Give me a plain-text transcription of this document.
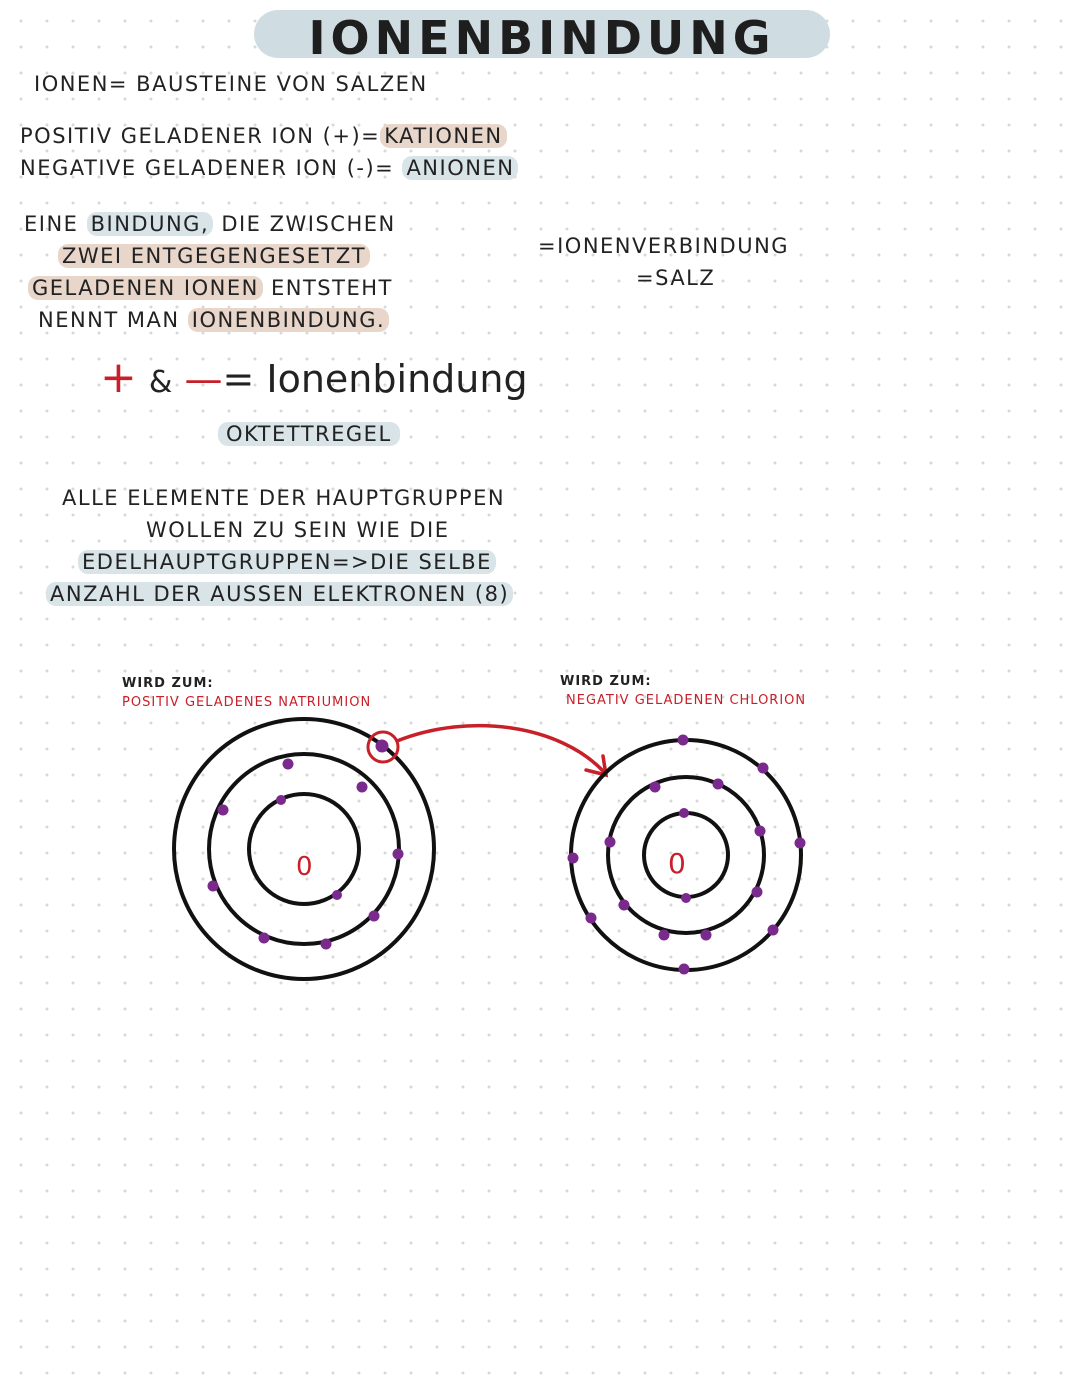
IONENBINDUNG
IONEN= BAUSTEINE VON SALZEN
POSITIV GELADENER ION (+)= KATIONEN
NEGATIVE GELADENER ION (-)= ANIONEN
EINE BINDUNG, DIE ZWISCHEN
ZWEI ENTGEGENGESETZT
GELADENEN IONEN ENTSTEHT
NENNT MAN IONENBINDUNG.
=IONENVERBINDUNG
=SALZ
+ & —= Ionenbindung
OKTETTREGEL
ALLE ELEMENTE DER HAUPTGRUPPEN
WOLLEN ZU SEIN WIE DIE
EDELHAUPTGRUPPEN=>DIE SELBE
ANZAHL DER AUSSEN ELEKTRONEN (8)
WIRD ZUM:
POSITIV GELADENES NATRIUMION
WIRD ZUM:
NEGATIV GELADENEN CHLORION
0	0
